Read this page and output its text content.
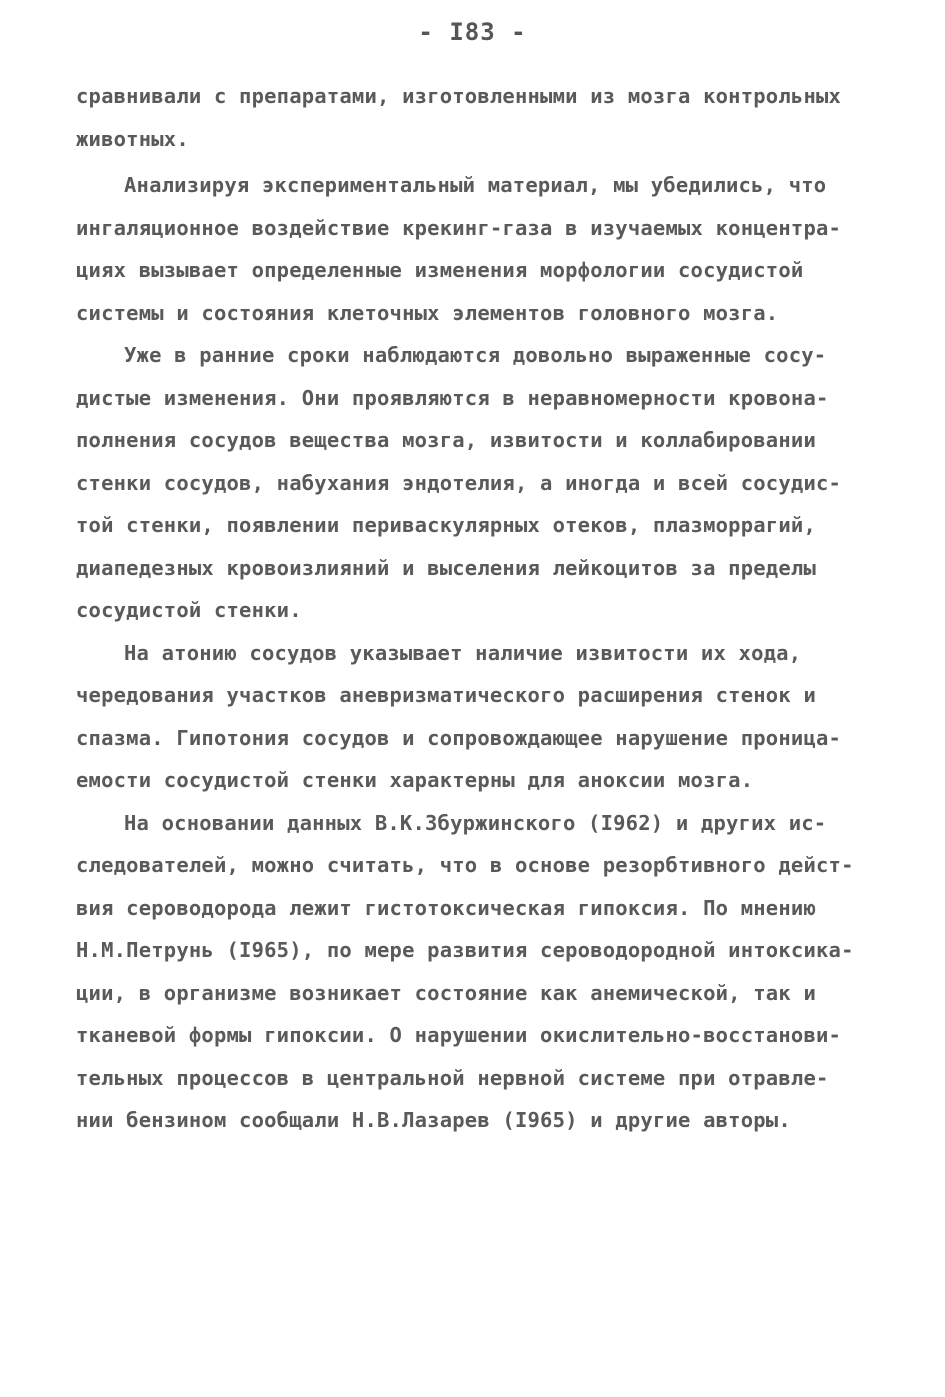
- I83 -
сравнивали с препаратами, изготовленными из мозга контрольных
животных.
Анализируя экспериментальный материал, мы убедились, что
ингаляционное воздействие крекинг-газа в изучаемых концентра-
циях вызывает определенные изменения морфологии сосудистой
системы и состояния клеточных элементов головного мозга.
Уже в ранние сроки наблюдаются довольно выраженные сосу-
дистые изменения. Они проявляются в неравномерности кровона-
полнения сосудов вещества мозга, извитости и коллабировании
стенки сосудов, набухания эндотелия, а иногда и всей сосудис-
той стенки, появлении периваскулярных отеков, плазморрагий,
диапедезных кровоизлияний и выселения лейкоцитов за пределы
сосудистой стенки.
На атонию сосудов указывает наличие извитости их хода,
чередования участков аневризматического расширения стенок и
спазма. Гипотония сосудов и сопровождающее нарушение проница-
емости сосудистой стенки характерны для аноксии мозга.
На основании данных В.К.Збуржинского (I962) и других ис-
следователей, можно считать, что в основе резорбтивного дейст-
вия сероводорода лежит гистотоксическая гипоксия. По мнению
Н.М.Петрунь (I965), по мере развития сероводородной интоксика-
ции, в организме возникает состояние как анемической, так и
тканевой формы гипоксии. О нарушении окислительно-восстанови-
тельных процессов в центральной нервной системе при отравле-
нии бензином сообщали Н.В.Лазарев (I965) и другие авторы.
